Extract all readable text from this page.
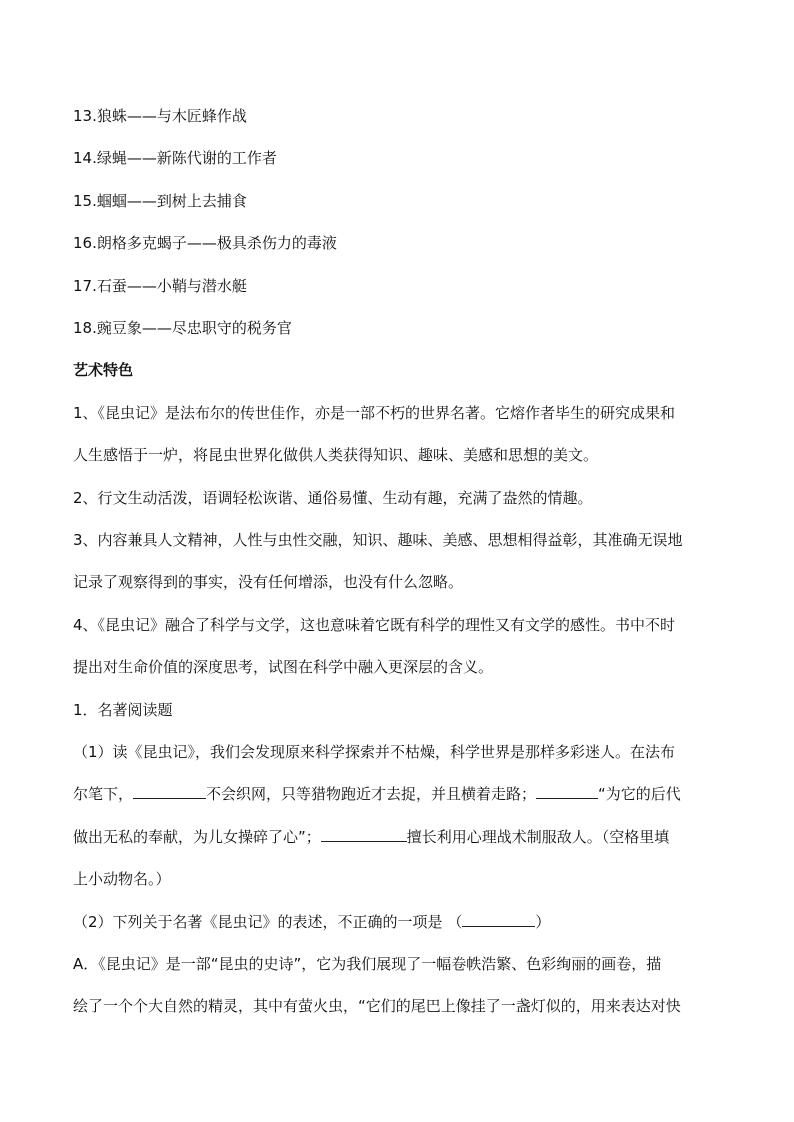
13.狼蛛——与木匠蜂作战
14.绿蝇——新陈代谢的工作者
15.蝈蝈——到树上去捕食
16.朗格多克蝎子——极具杀伤力的毒液
17.石蚕——小鞘与潜水艇
18.豌豆象——尽忠职守的税务官
艺术特色
1、《昆虫记》是法布尔的传世佳作，亦是一部不朽的世界名著。它熔作者毕生的研究成果和
人生感悟于一炉，将昆虫世界化做供人类获得知识、趣味、美感和思想的美文。
2、行文生动活泼，语调轻松诙谐、通俗易懂、生动有趣，充满了盎然的情趣。
3、内容兼具人文精神，人性与虫性交融，知识、趣味、美感、思想相得益彰，其准确无误地
记录了观察得到的事实，没有任何增添，也没有什么忽略。
4、《昆虫记》融合了科学与文学，这也意味着它既有科学的理性又有文学的感性。书中不时
提出对生命价值的深度思考，试图在科学中融入更深层的含义。
1．名著阅读题
（1）读《昆虫记》，我们会发现原来科学探索并不枯燥，科学世界是那样多彩迷人。在法布
尔笔下，	不会织网，只等猎物跑近才去捉，并且横着走路；	“为它的后代
做出无私的奉献，为儿女操碎了心”；	擅长利用心理战术制服敌人。（空格里填
上小动物名。）
（2）下列关于名著《昆虫记》的表述，不正确的一项是 （	）
A．《昆虫记》是一部“昆虫的史诗”，它为我们展现了一幅卷帙浩繁、色彩绚丽的画卷，描
绘了一个个大自然的精灵，其中有萤火虫，“它们的尾巴上像挂了一盏灯似的，用来表达对快
